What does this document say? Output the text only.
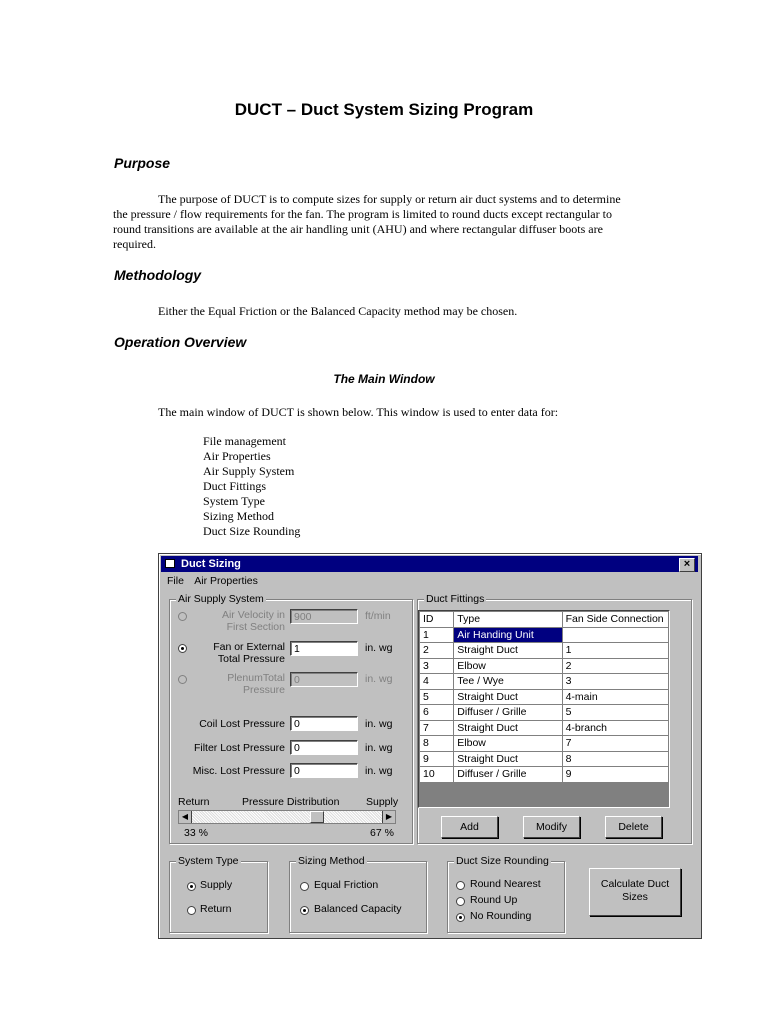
DUCT – Duct System Sizing Program
Purpose
The purpose of DUCT is to compute sizes for supply or return air duct systems and to determine
the pressure / flow requirements for the fan. The program is limited to round ducts except rectangular to
round transitions are available at the air handling unit (AHU) and where rectangular diffuser boots are
required.
Methodology
Either the Equal Friction or the Balanced Capacity method may be chosen.
Operation Overview
The Main Window
The main window of DUCT is shown below. This window is used to enter data for:
File management
Air Properties
Air Supply System
Duct Fittings
System Type
Sizing Method
Duct Size Rounding
Duct Sizing	×
File Air Properties
Air Supply System
Air Velocity in
First Section
900	ft/min
Fan or External
Total Pressure
1	in. wg
PlenumTotal
Pressure
0	in. wg
Coil Lost Pressure 0	in. wg
Filter Lost Pressure 0	in. wg
Misc. Lost Pressure 0	in. wg
Return	Pressure Distribution	Supply
◀	▶
33 %	67 %
Duct Fittings
ID	Type	Fan Side Connection
1	Air Handing Unit	
2	Straight Duct	1
3	Elbow	2
4	Tee / Wye	3
5	Straight Duct	4-main
6	Diffuser / Grille	5
7	Straight Duct	4-branch
8	Elbow	7
9	Straight Duct	8
10	Diffuser / Grille	9
Add	Modify	Delete
System Type
Supply
Return
Sizing Method
Equal Friction
Balanced Capacity
Duct Size Rounding
Round Nearest
Round Up
No Rounding
Calculate Duct
Sizes
